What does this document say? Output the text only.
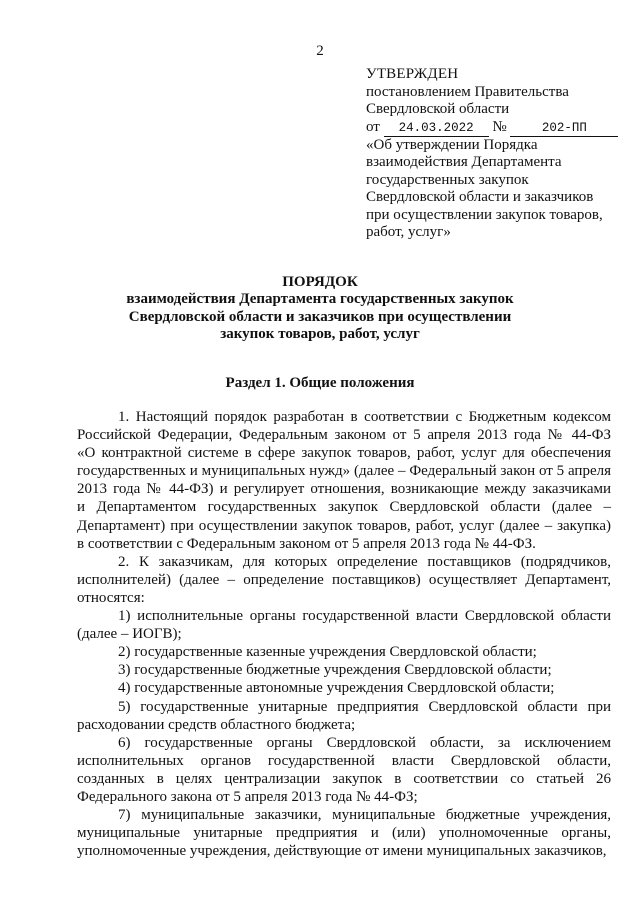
2
УТВЕРЖДЕН
постановлением Правительства
Свердловской области
от 24.03.2022 №	202-ПП
«Об утверждении Порядка
взаимодействия Департамента
государственных закупок
Свердловской области и заказчиков
при осуществлении закупок товаров,
работ, услуг»
ПОРЯДОК
взаимодействия Департамента государственных закупок
Свердловской области и заказчиков при осуществлении
закупок товаров, работ, услуг
Раздел 1. Общие положения
1. Настоящий порядок разработан в соответствии с Бюджетным кодексом
Российской Федерации, Федеральным законом от 5 апреля 2013 года № 44-ФЗ
«О контрактной системе в сфере закупок товаров, работ, услуг для обеспечения
государственных и муниципальных нужд» (далее – Федеральный закон от 5 апреля
2013 года № 44-ФЗ) и регулирует отношения, возникающие между заказчиками
и Департаментом государственных закупок Свердловской области (далее –
Департамент) при осуществлении закупок товаров, работ, услуг (далее – закупка)
в соответствии с Федеральным законом от 5 апреля 2013 года № 44-ФЗ.
2. К заказчикам, для которых определение поставщиков (подрядчиков,
исполнителей) (далее – определение поставщиков) осуществляет Департамент,
относятся:
1) исполнительные органы государственной власти Свердловской области
(далее – ИОГВ);
2) государственные казенные учреждения Свердловской области;
3) государственные бюджетные учреждения Свердловской области;
4) государственные автономные учреждения Свердловской области;
5) государственные унитарные предприятия Свердловской области при
расходовании средств областного бюджета;
6) государственные органы Свердловской области, за исключением
исполнительных органов государственной власти Свердловской области,
созданных в целях централизации закупок в соответствии со статьей 26
Федерального закона от 5 апреля 2013 года № 44-ФЗ;
7) муниципальные заказчики, муниципальные бюджетные учреждения,
муниципальные унитарные предприятия и (или) уполномоченные органы,
уполномоченные учреждения, действующие от имени муниципальных заказчиков,
